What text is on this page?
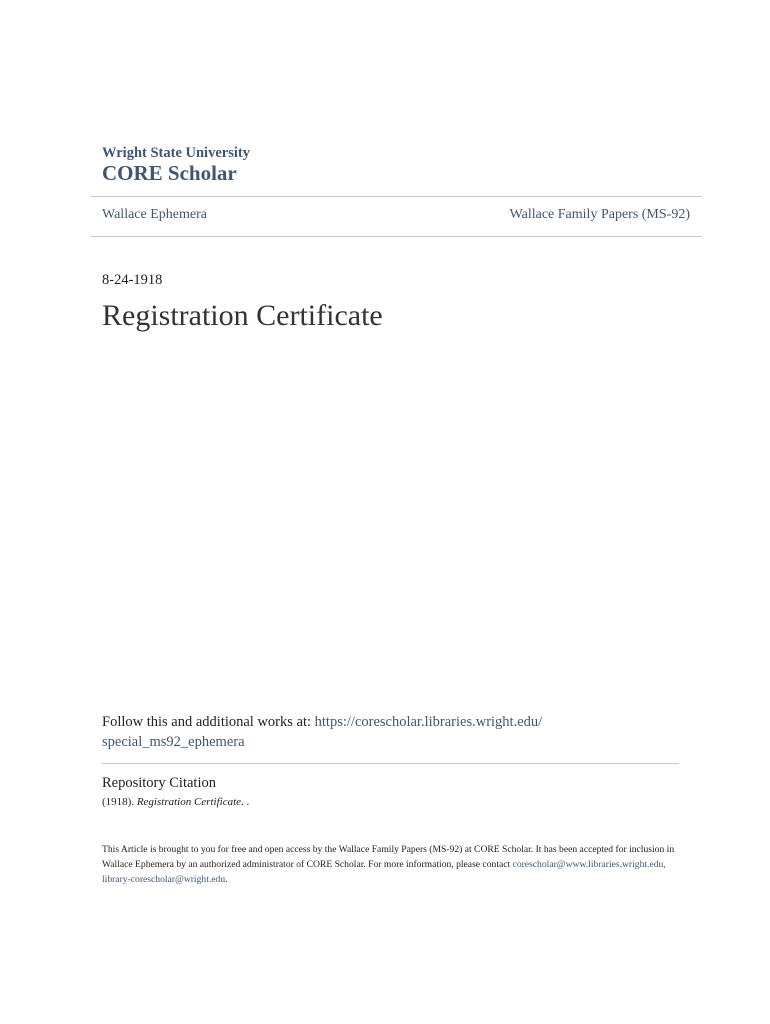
Wright State University
CORE Scholar
Wallace Ephemera	Wallace Family Papers (MS-92)
8-24-1918
Registration Certificate
Follow this and additional works at: https://corescholar.libraries.wright.edu/
special_ms92_ephemera
Repository Citation
(1918). Registration Certificate. .
This Article is brought to you for free and open access by the Wallace Family Papers (MS-92) at CORE Scholar. It has been accepted for inclusion in Wallace Ephemera by an authorized administrator of CORE Scholar. For more information, please contact corescholar@www.libraries.wright.edu, library-corescholar@wright.edu.
